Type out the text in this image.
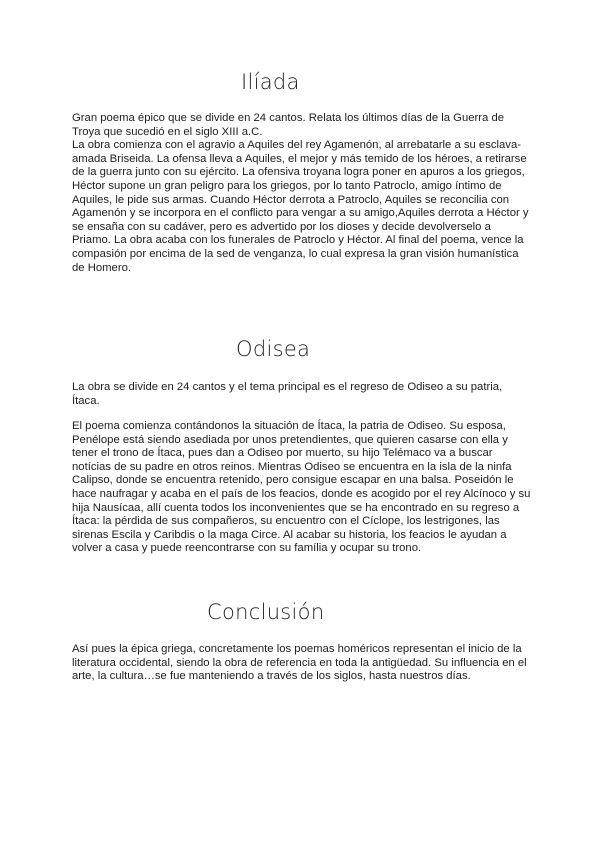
Ilíada

Gran poema épico que se divide en 24 cantos. Relata los últimos días de la Guerra de Troya que sucedió en el siglo XIII a.C.

La obra comienza con el agravio a Aquiles del rey Agamenón, al arrebatarle a su esclava-amada Briseida. La ofensa lleva a Aquiles, el mejor y más temido de los héroes, a retirarse de la guerra junto con su ejército. La ofensiva troyana logra poner en apuros a los griegos, Héctor supone un gran peligro para los griegos, por lo tanto Patroclo, amigo íntimo de Aquiles, le pide sus armas. Cuando Héctor derrota a Patroclo, Aquiles se reconcilia con Agamenón y se incorpora en el conflicto para vengar a su amigo,Aquiles derrota a Héctor y se ensaña con su cadáver, pero es advertido por los dioses y decide devolverselo a Priamo. La obra acaba con los funerales de Patroclo y Héctor. Al final del poema, vence la compasión por encima de la sed de venganza, lo cual expresa la gran visión humanística de Homero.

Odisea

La obra se divide en 24 cantos y el tema principal es el regreso de Odiseo a su patria, Ítaca.

El poema comienza contándonos la situación de Ítaca, la patria de Odiseo. Su esposa, Penélope está siendo asediada por unos pretendientes, que quieren casarse con ella y tener el trono de Ítaca, pues dan a Odiseo por muerto, su hijo Telémaco va a buscar notícias de su padre en otros reinos. Mientras Odiseo se encuentra en la isla de la ninfa Calipso, donde se encuentra retenido, pero consigue escapar en una balsa. Poseidón le hace naufragar y acaba en el país de los feacios, donde es acogido por el rey Alcínoco y su hija Nausícaa, allí cuenta todos los inconvenientes que se ha encontrado en su regreso a Ítaca: la pérdida de sus compañeros, su encuentro con el Cíclope, los lestrigones, las sirenas Escila y Caribdis o la maga Circe. Al acabar su historia, los feacios le ayudan a volver a casa y puede reencontrarse con su família y ocupar su trono.

Conclusión

Así pues la épica griega, concretamente los poemas homéricos representan el inicio de la literatura occidental, siendo la obra de referencia en toda la antigüedad. Su influencia en el arte, la cultura…se fue manteniendo a través de los siglos, hasta nuestros días.
